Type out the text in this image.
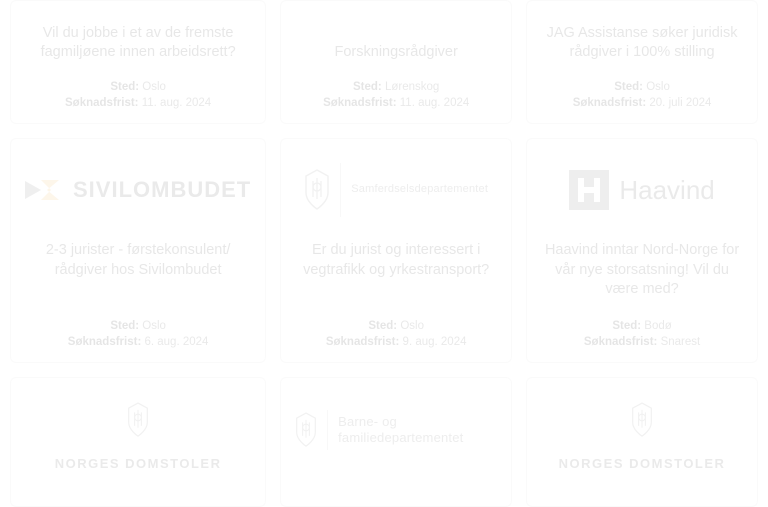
Vil du jobbe i et av de fremste fagmiljøene innen arbeidsrett?
Sted: Oslo
Søknadsfrist: 11. aug. 2024
Forskningsrådgiver
Sted: Lørenskog
Søknadsfrist: 11. aug. 2024
JAG Assistanse søker juridisk rådgiver i 100% stilling
Sted: Oslo
Søknadsfrist: 20. juli 2024
SIVILOMBUDET
2-3 jurister - førstekonsulent/ rådgiver hos Sivilombudet
Sted: Oslo
Søknadsfrist: 6. aug. 2024
Samferdselsdepartementet
Er du jurist og interessert i vegtrafikk og yrkestransport?
Sted: Oslo
Søknadsfrist: 9. aug. 2024
Haavind
Haavind inntar Nord-Norge for vår nye storsatsning! Vil du være med?
Sted: Bodø
Søknadsfrist: Snarest
NORGES DOMSTOLER
Barne- og familiedepartementet
NORGES DOMSTOLER
